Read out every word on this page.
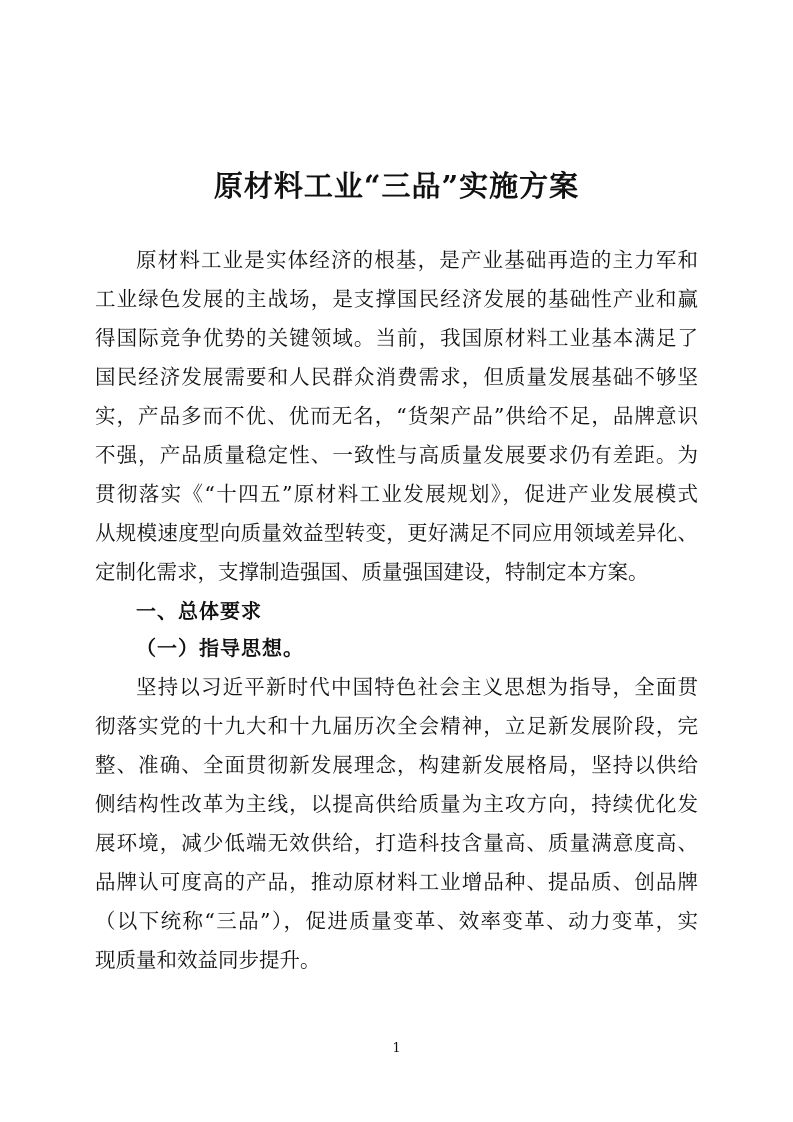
原材料工业“三品”实施方案
原材料工业是实体经济的根基，是产业基础再造的主力军和
工业绿色发展的主战场，是支撑国民经济发展的基础性产业和赢
得国际竞争优势的关键领域。当前，我国原材料工业基本满足了
国民经济发展需要和人民群众消费需求，但质量发展基础不够坚
实，产品多而不优、优而无名，“货架产品”供给不足，品牌意识
不强，产品质量稳定性、一致性与高质量发展要求仍有差距。为
贯彻落实《“十四五”原材料工业发展规划》，促进产业发展模式
从规模速度型向质量效益型转变，更好满足不同应用领域差异化、
定制化需求，支撑制造强国、质量强国建设，特制定本方案。
一、总体要求
（一）指导思想。
坚持以习近平新时代中国特色社会主义思想为指导，全面贯
彻落实党的十九大和十九届历次全会精神，立足新发展阶段，完
整、准确、全面贯彻新发展理念，构建新发展格局，坚持以供给
侧结构性改革为主线，以提高供给质量为主攻方向，持续优化发
展环境，减少低端无效供给，打造科技含量高、质量满意度高、
品牌认可度高的产品，推动原材料工业增品种、提品质、创品牌
（以下统称“三品”），促进质量变革、效率变革、动力变革，实
现质量和效益同步提升。
1
